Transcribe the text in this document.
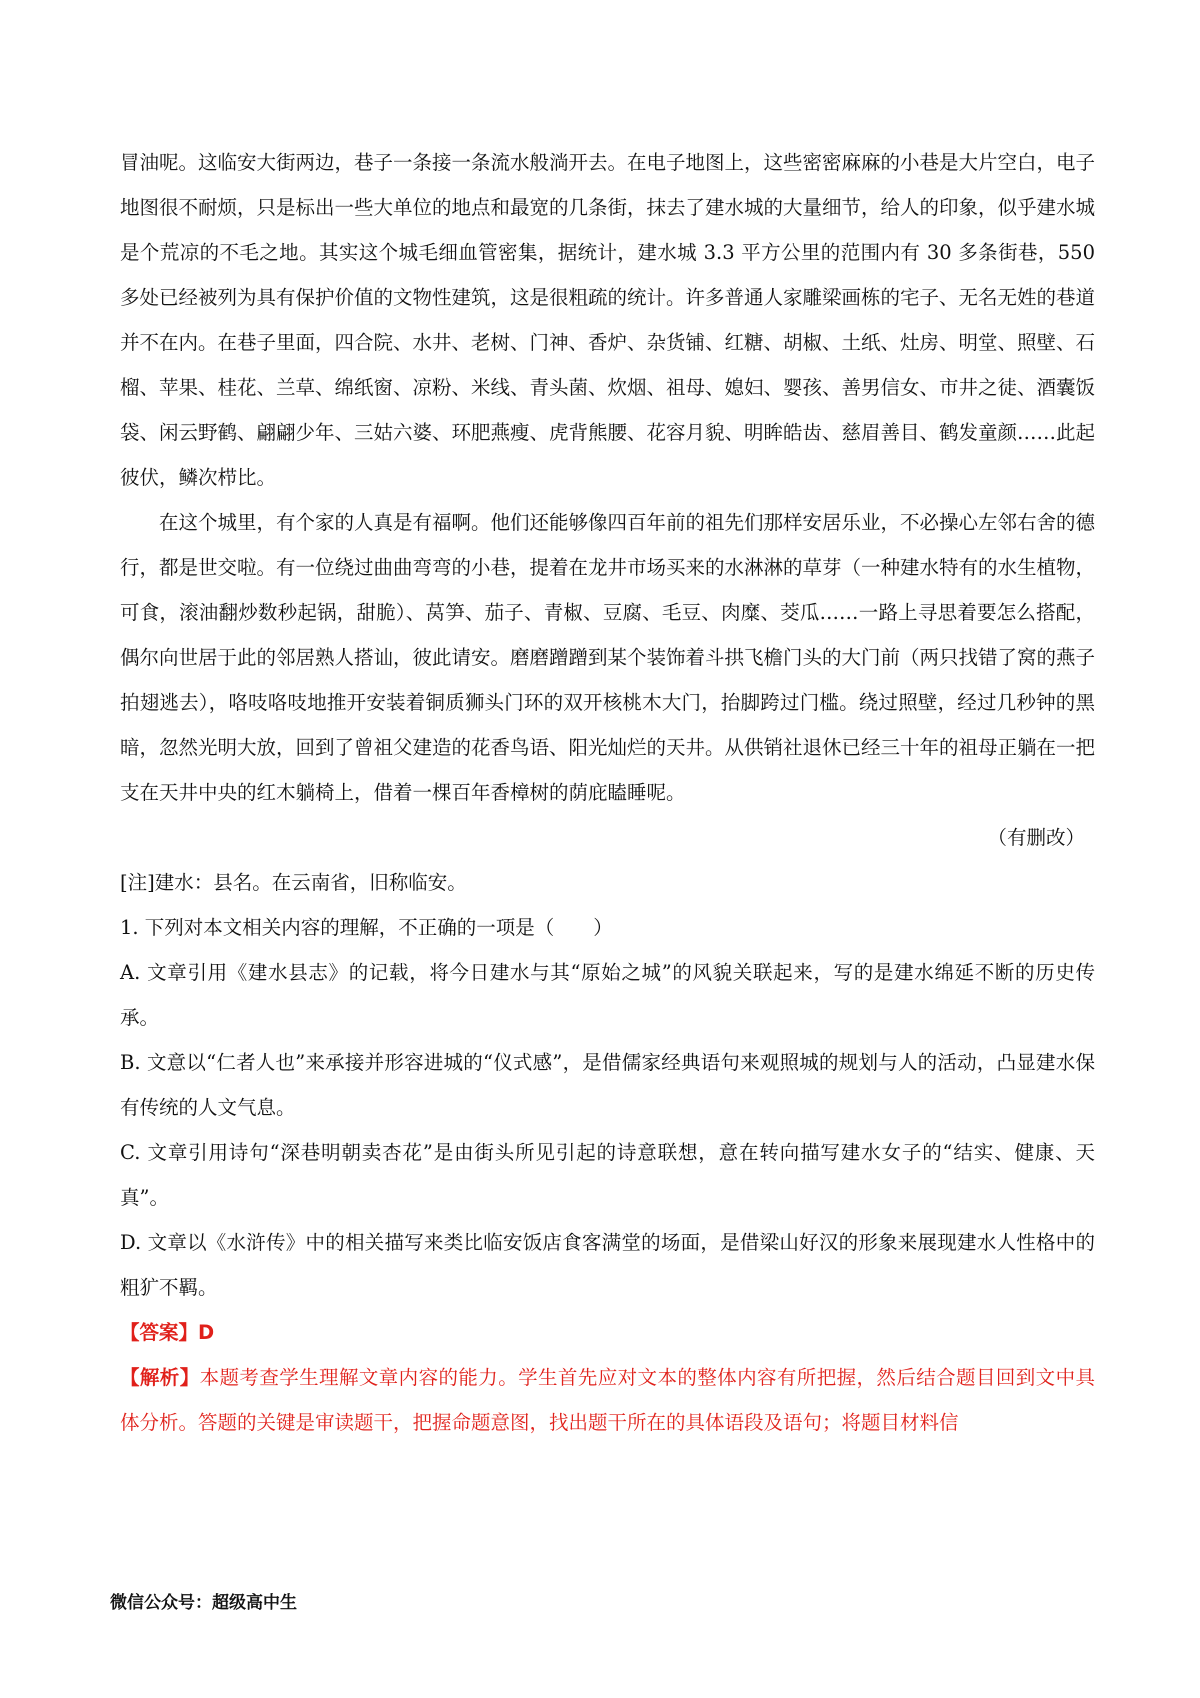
冒油呢。这临安大街两边，巷子一条接一条流水般淌开去。在电子地图上，这些密密麻麻的小巷是大片空白，电子地图很不耐烦，只是标出一些大单位的地点和最宽的几条街，抹去了建水城的大量细节，给人的印象，似乎建水城是个荒凉的不毛之地。其实这个城毛细血管密集，据统计，建水城 3.3 平方公里的范围内有 30 多条街巷，550 多处已经被列为具有保护价值的文物性建筑，这是很粗疏的统计。许多普通人家雕梁画栋的宅子、无名无姓的巷道并不在内。在巷子里面，四合院、水井、老树、门神、香炉、杂货铺、红糖、胡椒、土纸、灶房、明堂、照壁、石榴、苹果、桂花、兰草、绵纸窗、凉粉、米线、青头菌、炊烟、祖母、媳妇、婴孩、善男信女、市井之徒、酒囊饭袋、闲云野鹤、翩翩少年、三姑六婆、环肥燕瘦、虎背熊腰、花容月貌、明眸皓齿、慈眉善目、鹤发童颜……此起彼伏，鳞次栉比。

在这个城里，有个家的人真是有福啊。他们还能够像四百年前的祖先们那样安居乐业，不必操心左邻右舍的德行，都是世交啦。有一位绕过曲曲弯弯的小巷，提着在龙井市场买来的水淋淋的草芽（一种建水特有的水生植物，可食，滚油翻炒数秒起锅，甜脆）、莴笋、茄子、青椒、豆腐、毛豆、肉糜、茭瓜……一路上寻思着要怎么搭配，偶尔向世居于此的邻居熟人搭讪，彼此请安。磨磨蹭蹭到某个装饰着斗拱飞檐门头的大门前（两只找错了窝的燕子拍翅逃去），咯吱咯吱地推开安装着铜质狮头门环的双开核桃木大门，抬脚跨过门槛。绕过照壁，经过几秒钟的黑暗，忽然光明大放，回到了曾祖父建造的花香鸟语、阳光灿烂的天井。从供销社退休已经三十年的祖母正躺在一把支在天井中央的红木躺椅上，借着一棵百年香樟树的荫庇瞌睡呢。

（有删改）

[注]建水：县名。在云南省，旧称临安。

1. 下列对本文相关内容的理解，不正确的一项是（　　）

A. 文章引用《建水县志》的记载，将今日建水与其“原始之城”的风貌关联起来，写的是建水绵延不断的历史传承。

B. 文意以“仁者人也”来承接并形容进城的“仪式感”，是借儒家经典语句来观照城的规划与人的活动，凸显建水保有传统的人文气息。

C. 文章引用诗句“深巷明朝卖杏花”是由街头所见引起的诗意联想，意在转向描写建水女子的“结实、健康、天真”。

D. 文章以《水浒传》中的相关描写来类比临安饭店食客满堂的场面，是借梁山好汉的形象来展现建水人性格中的粗犷不羁。

【答案】D

【解析】本题考查学生理解文章内容的能力。学生首先应对文本的整体内容有所把握，然后结合题目回到文中具体分析。答题的关键是审读题干，把握命题意图，找出题干所在的具体语段及语句；将题目材料信

微信公众号：超级高中生
